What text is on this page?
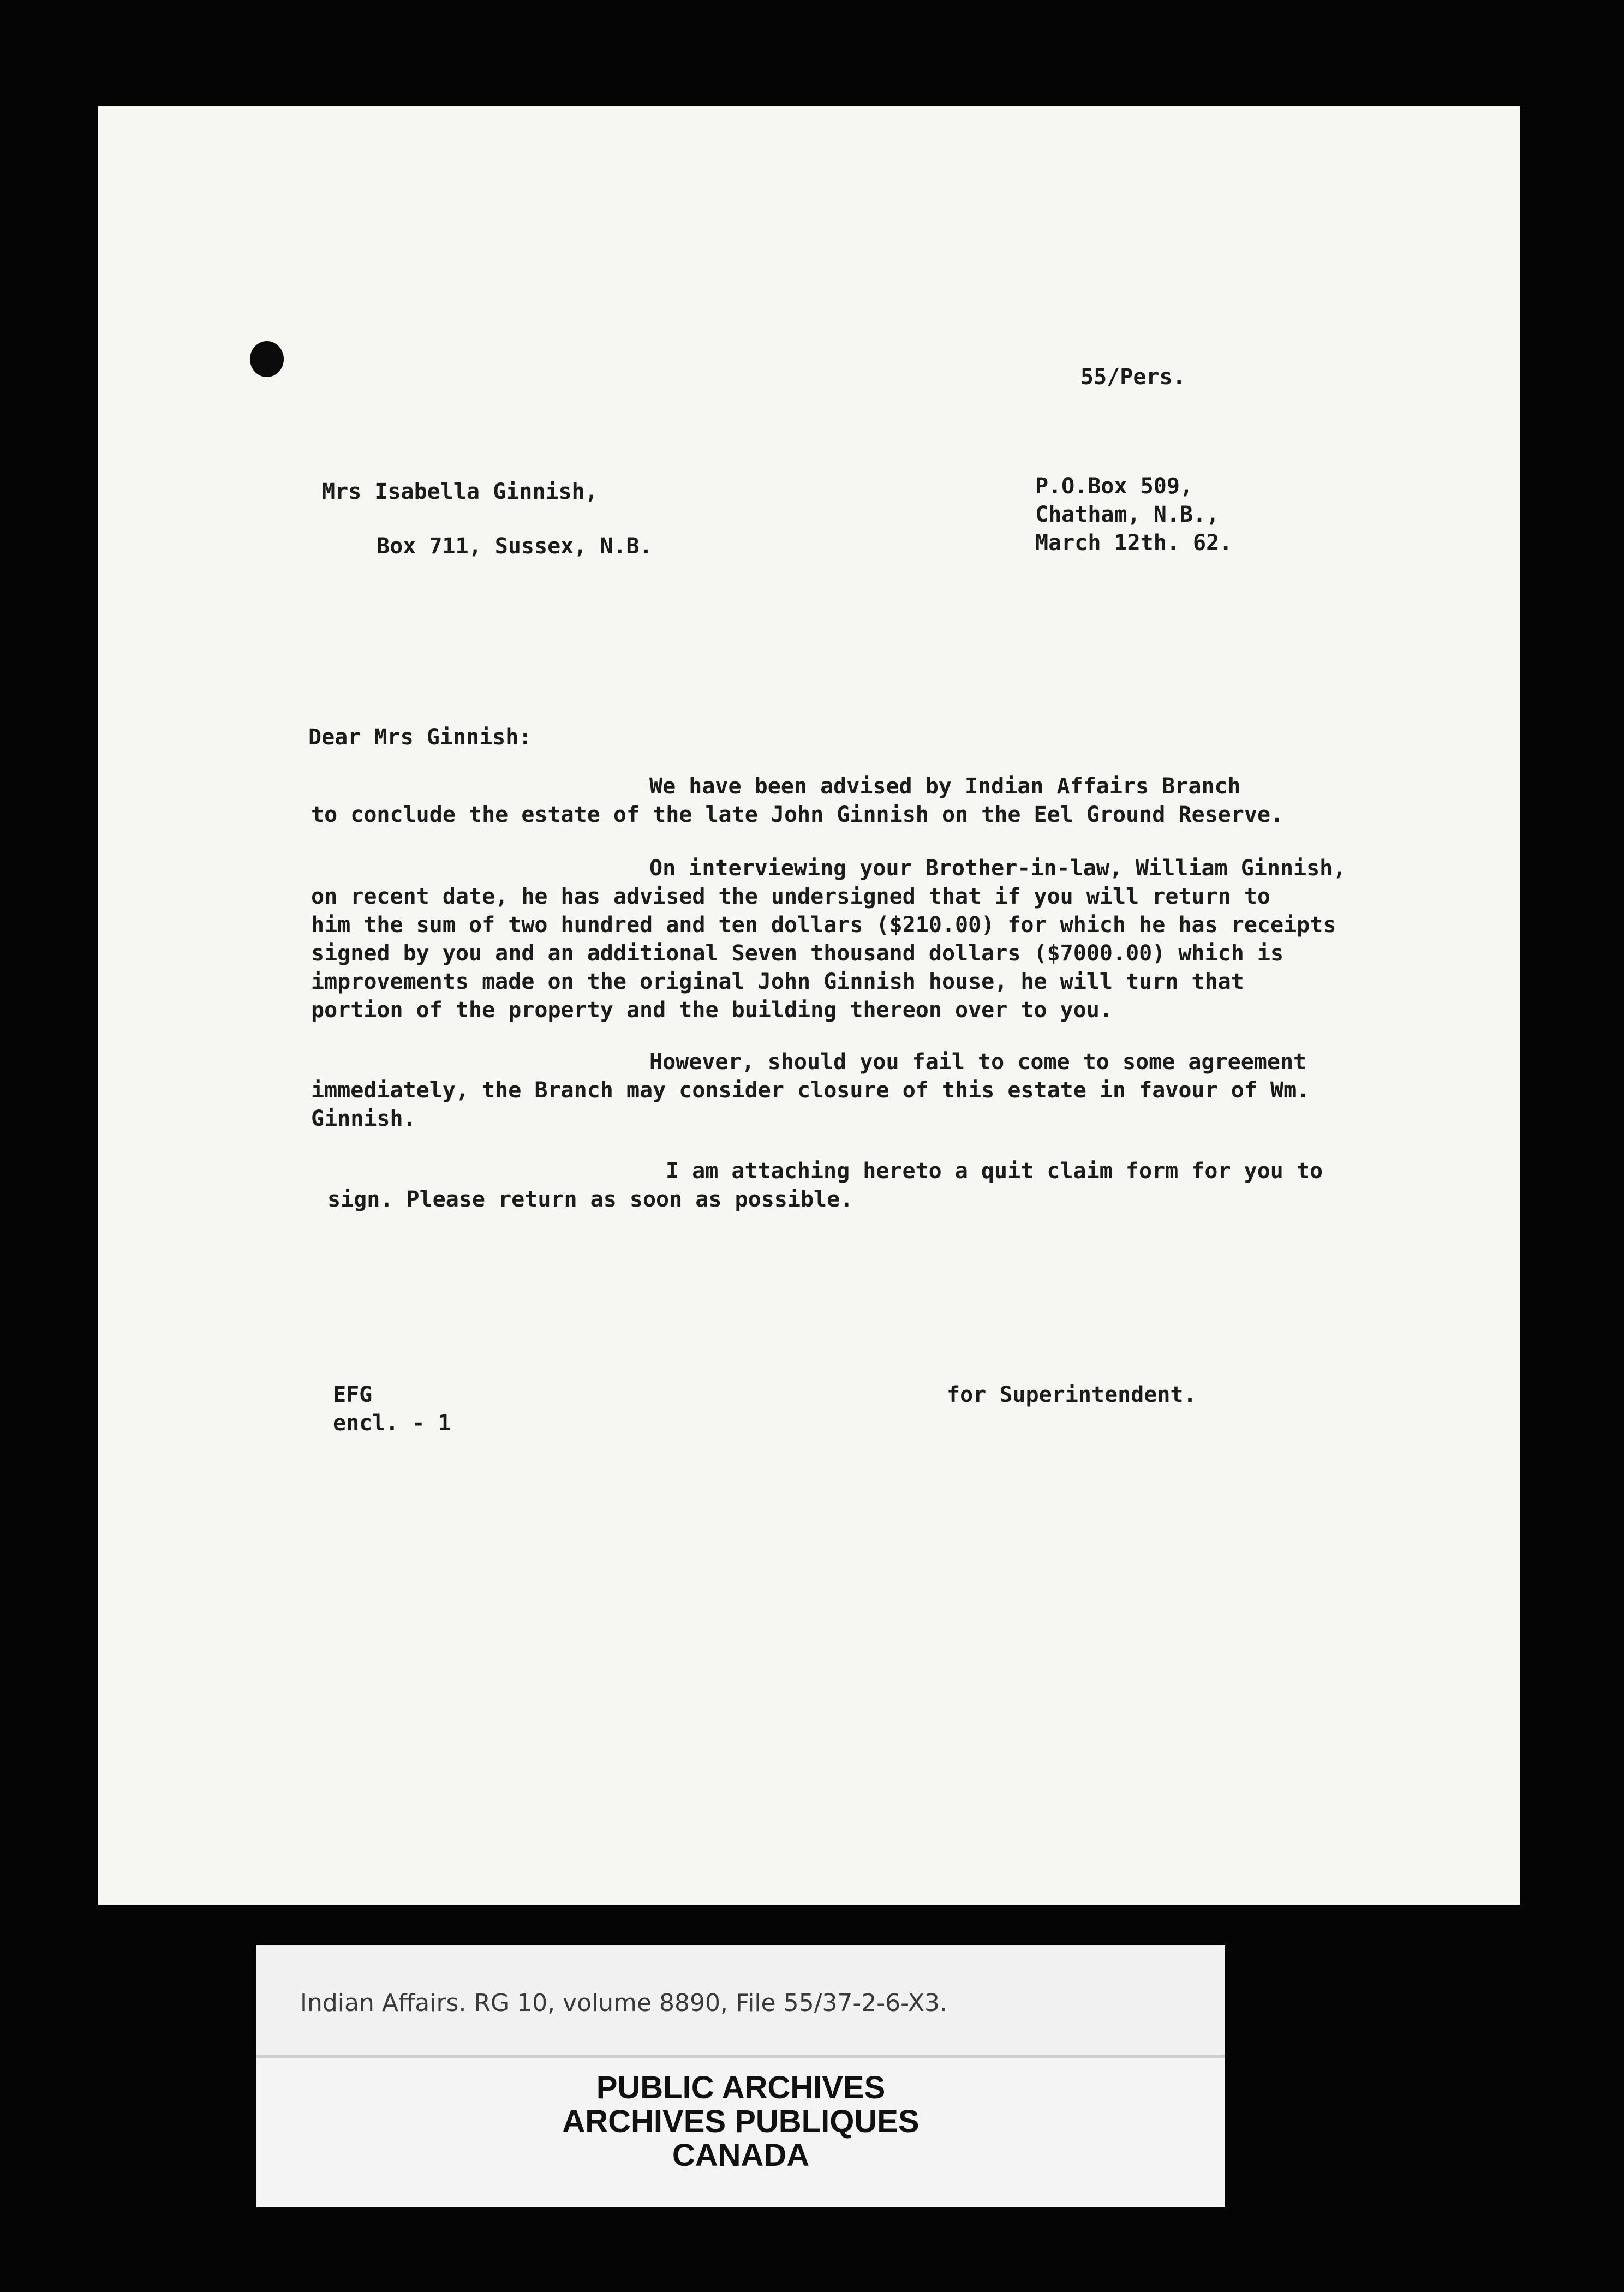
55/Pers.
Mrs Isabella Ginnish,
Box 711, Sussex, N.B.
P.O.Box 509,
Chatham, N.B.,
March 12th. 62.
Dear Mrs Ginnish:
We have been advised by Indian Affairs Branch
to conclude the estate of the late John Ginnish on the Eel Ground Reserve.
On interviewing your Brother-in-law, William Ginnish,
on recent date, he has advised the undersigned that if you will return to
him the sum of two hundred and ten dollars ($210.00) for which he has receipts
signed by you and an additional Seven thousand dollars ($7000.00) which is
improvements made on the original John Ginnish house, he will turn that
portion of the property and the building thereon over to you.
However, should you fail to come to some agreement
immediately, the Branch may consider closure of this estate in favour of Wm.
Ginnish.
I am attaching hereto a quit claim form for you to
sign. Please return as soon as possible.
EFG
encl. - 1
for Superintendent.
Indian Affairs. RG 10, volume 8890, File 55/37-2-6-X3.
PUBLIC ARCHIVES
ARCHIVES PUBLIQUES
CANADA
